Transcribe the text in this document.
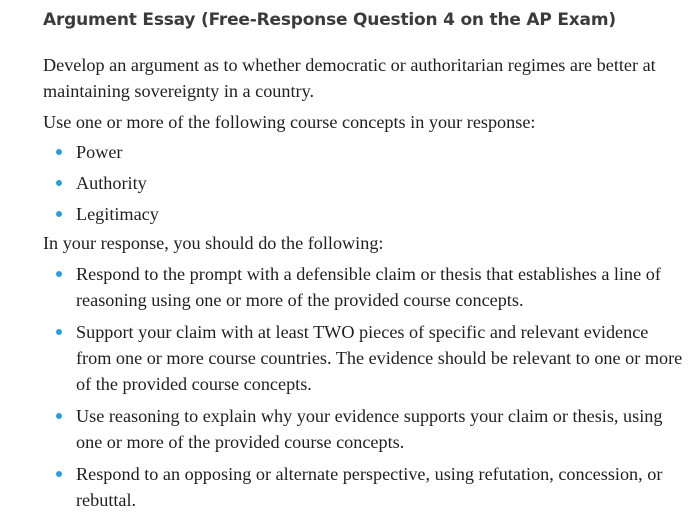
Argument Essay (Free-Response Question 4 on the AP Exam)

Develop an argument as to whether democratic or authoritarian regimes are better at maintaining sovereignty in a country.

Use one or more of the following course concepts in your response:

Power
Authority
Legitimacy

In your response, you should do the following:

Respond to the prompt with a defensible claim or thesis that establishes a line of reasoning using one or more of the provided course concepts.
Support your claim with at least TWO pieces of specific and relevant evidence from one or more course countries. The evidence should be relevant to one or more of the provided course concepts.
Use reasoning to explain why your evidence supports your claim or thesis, using one or more of the provided course concepts.
Respond to an opposing or alternate perspective, using refutation, concession, or rebuttal.
